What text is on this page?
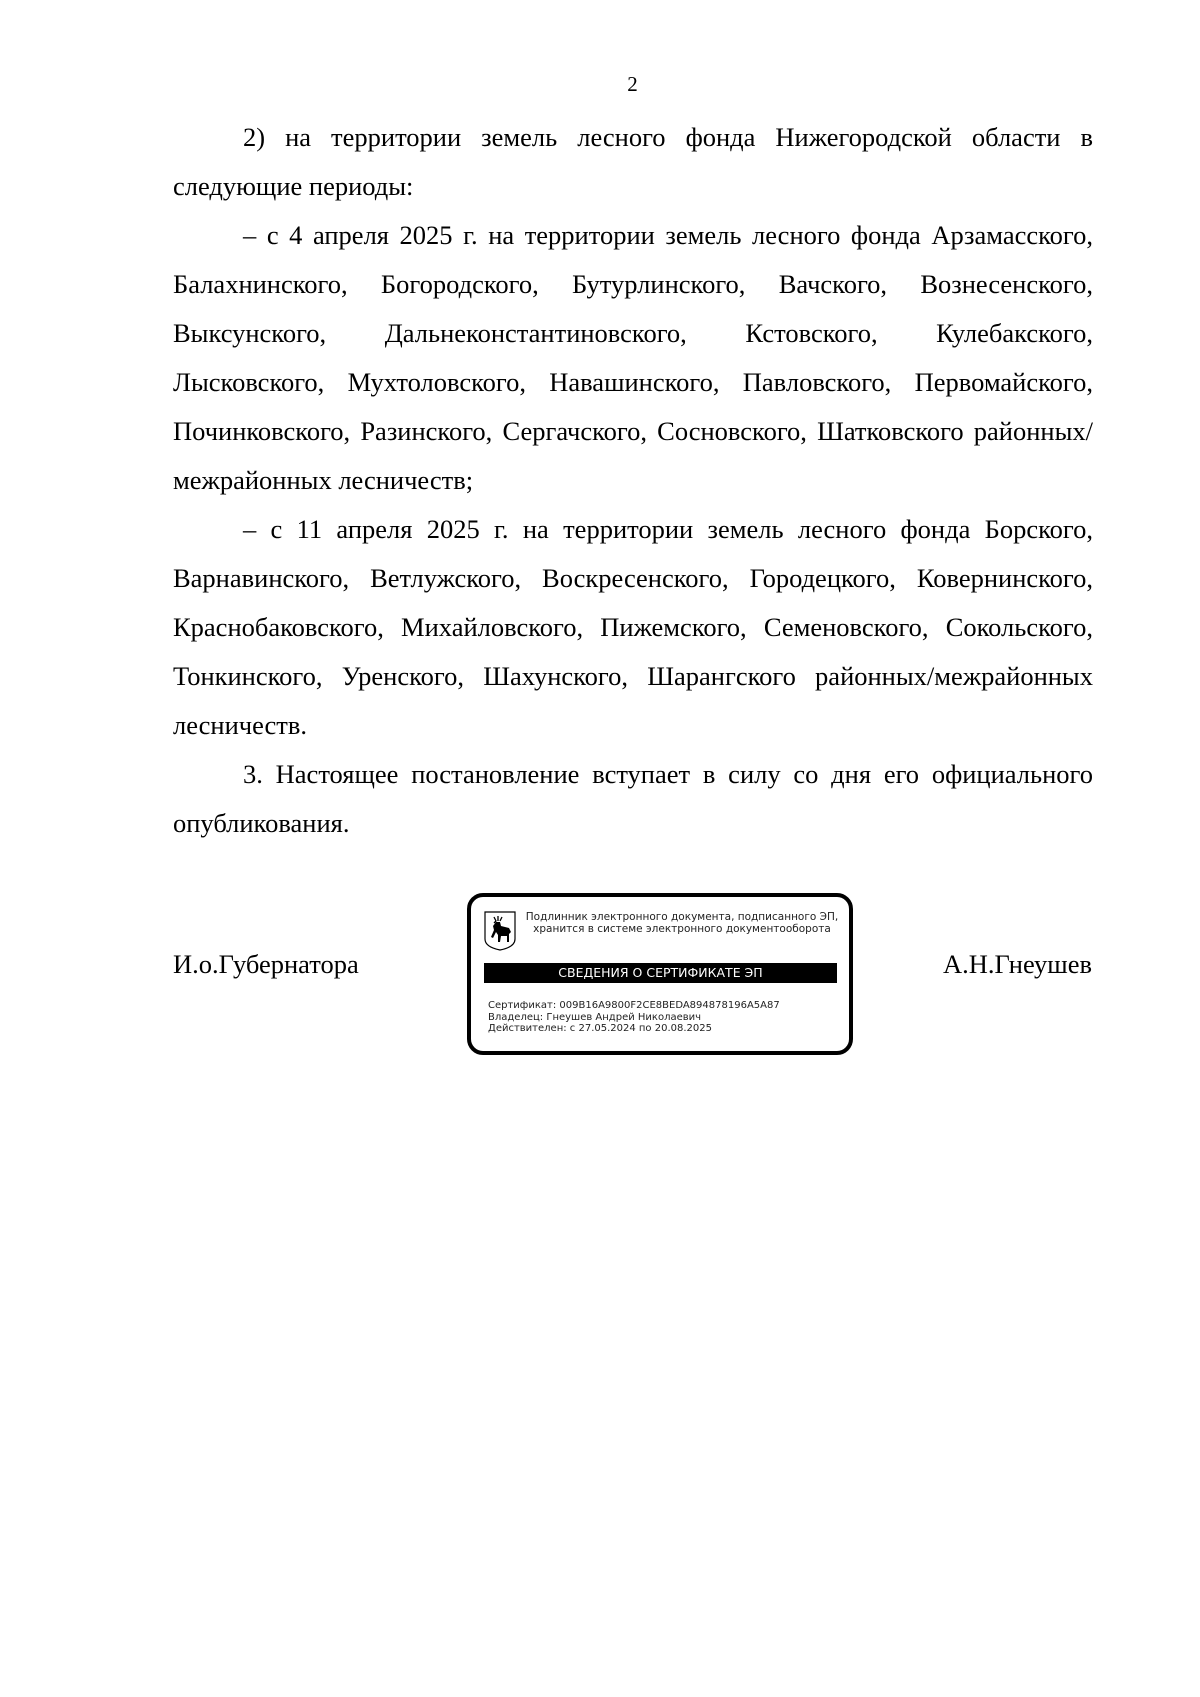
2

2) на территории земель лесного фонда Нижегородской области в следующие периоды:

– с 4 апреля 2025 г. на территории земель лесного фонда Арзамасского, Балахнинского, Богородского, Бутурлинского, Вачского, Вознесенского, Выксунского, Дальнеконстантиновского, Кстовского, Кулебакского, Лысковского, Мухтоловского, Навашинского, Павловского, Первомайского, Починковского, Разинского, Сергачского, Сосновского, Шатковского районных/межрайонных лесничеств;

– с 11 апреля 2025 г. на территории земель лесного фонда Борского, Варнавинского, Ветлужского, Воскресенского, Городецкого, Ковернинского, Краснобаковского, Михайловского, Пижемского, Семеновского, Сокольского, Тонкинского, Уренского, Шахунского, Шарангского районных/межрайонных лесничеств.

3. Настоящее постановление вступает в силу со дня его официального опубликования.

И.о.Губернатора	А.Н.Гнеушев
Подлинник электронного документа, подписанного ЭП,
хранится в системе электронного документооборота
СВЕДЕНИЯ О СЕРТИФИКАТЕ ЭП
Сертификат: 009B16A9800F2CE8BEDA894878196A5A87
Владелец: Гнеушев Андрей Николаевич
Действителен: с 27.05.2024 по 20.08.2025
